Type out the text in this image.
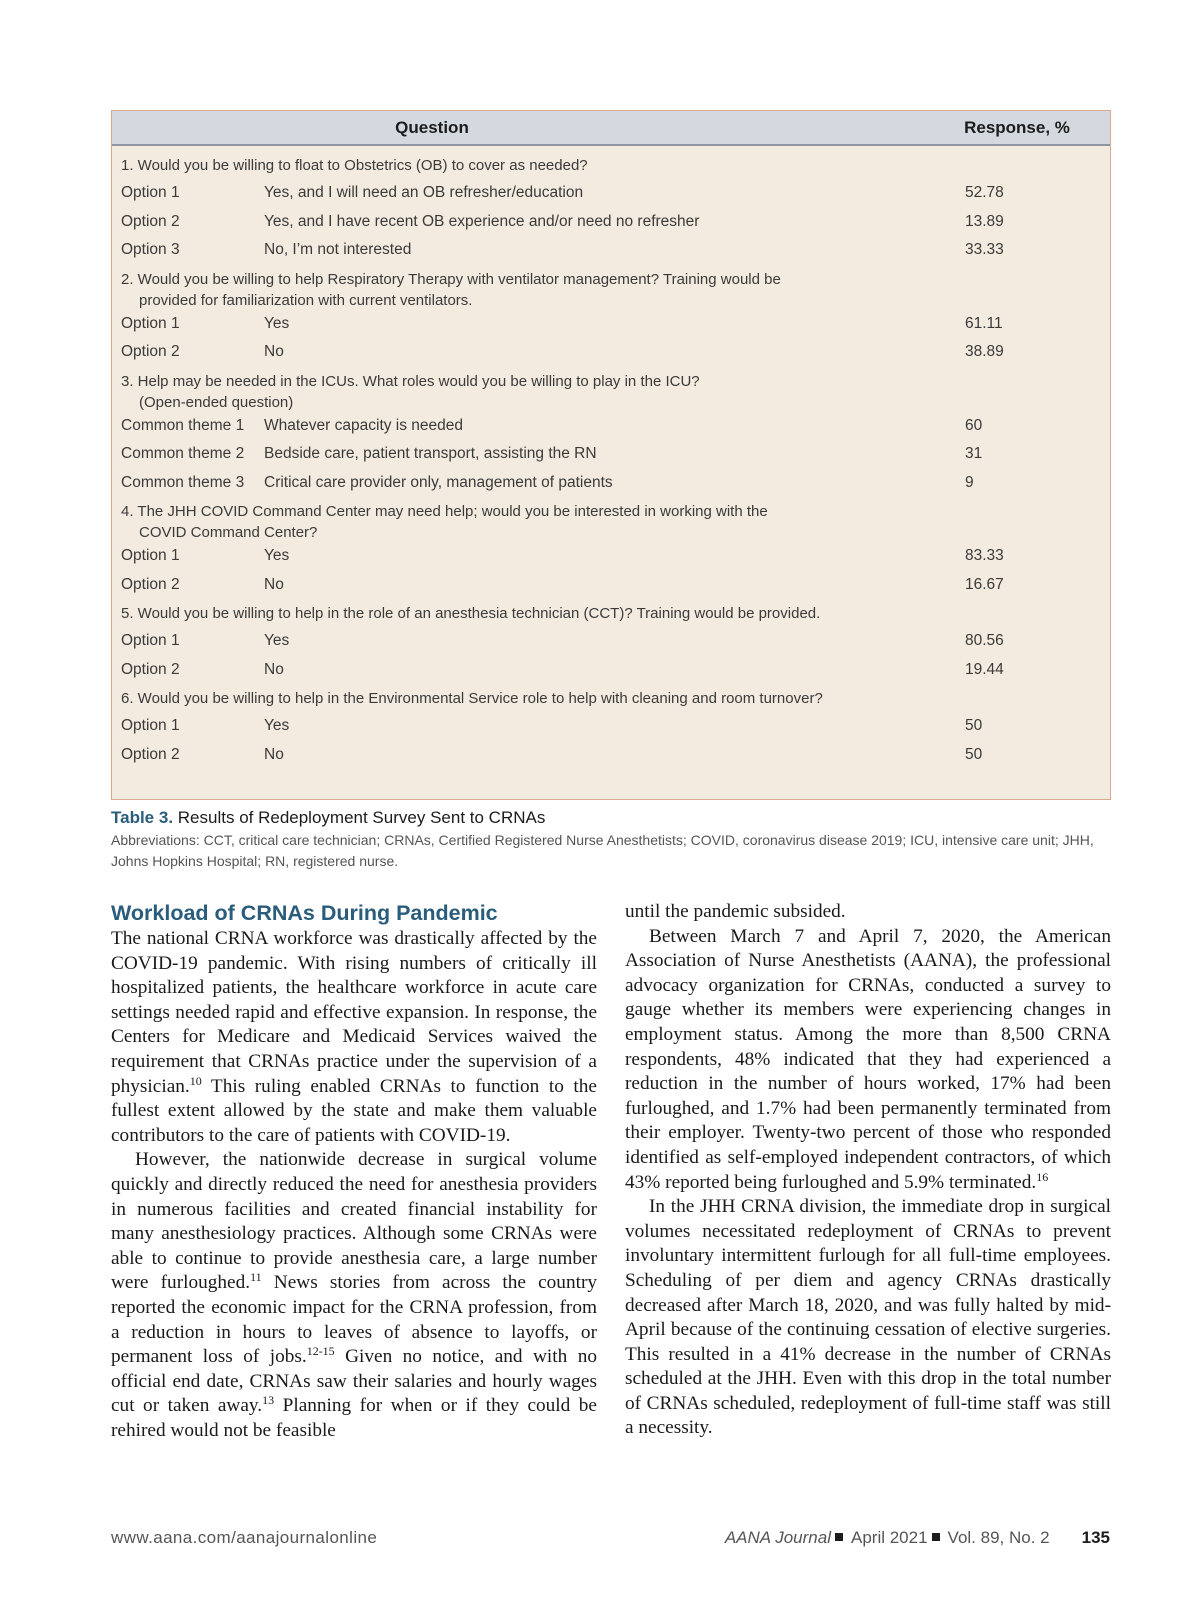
Question	Response, %
1. Would you be willing to float to Obstetrics (OB) to cover as needed?
Option 1	Yes, and I will need an OB refresher/education	52.78
Option 2	Yes, and I have recent OB experience and/or need no refresher	13.89
Option 3	No, I’m not interested	33.33
2. Would you be willing to help Respiratory Therapy with ventilator management? Training would be
provided for familiarization with current ventilators.
Option 1	Yes	61.11
Option 2	No	38.89
3. Help may be needed in the ICUs. What roles would you be willing to play in the ICU?
(Open-ended question)
Common theme 1 Whatever capacity is needed	60
Common theme 2 Bedside care, patient transport, assisting the RN	31
Common theme 3 Critical care provider only, management of patients	9
4. The JHH COVID Command Center may need help; would you be interested in working with the
COVID Command Center?
Option 1	Yes	83.33
Option 2	No	16.67
5. Would you be willing to help in the role of an anesthesia technician (CCT)? Training would be provided.
Option 1	Yes	80.56
Option 2	No	19.44
6. Would you be willing to help in the Environmental Service role to help with cleaning and room turnover?
Option 1	Yes	50
Option 2	No	50
Table 3. Results of Redeployment Survey Sent to CRNAs
Abbreviations: CCT, critical care technician; CRNAs, Certified Registered Nurse Anesthetists; COVID, coronavirus disease 2019; ICU, intensive care unit; JHH, Johns Hopkins Hospital; RN, registered nurse.
Workload of CRNAs During Pandemic

The national CRNA workforce was drastically affected by the COVID-19 pandemic. With rising numbers of critically ill hospitalized patients, the healthcare workforce in acute care settings needed rapid and effective expansion. In response, the Centers for Medicare and Medicaid Services waived the requirement that CRNAs practice under the supervision of a physician.$^{10}$ This ruling enabled CRNAs to function to the fullest extent allowed by the state and make them valuable contributors to the care of patients with COVID-19.

However, the nationwide decrease in surgical volume quickly and directly reduced the need for anesthesia providers in numerous facilities and created financial instability for many anesthesiology practices. Although some CRNAs were able to continue to provide anesthesia care, a large number were furloughed.$^{11}$ News stories from across the country reported the economic impact for the CRNA profession, from a reduction in hours to leaves of absence to layoffs, or permanent loss of jobs.$^{12-15}$ Given no notice, and with no official end date, CRNAs saw their salaries and hourly wages cut or taken away.$^{13}$ Planning for when or if they could be rehired would not be feasible

until the pandemic subsided.

Between March 7 and April 7, 2020, the American Association of Nurse Anesthetists (AANA), the professional advocacy organization for CRNAs, conducted a survey to gauge whether its members were experiencing changes in employment status. Among the more than 8,500 CRNA respondents, 48% indicated that they had experienced a reduction in the number of hours worked, 17% had been furloughed, and 1.7% had been permanently terminated from their employer. Twenty-two percent of those who responded identified as self-employed independent contractors, of which 43% reported being furloughed and 5.9% terminated.$^{16}$

In the JHH CRNA division, the immediate drop in surgical volumes necessitated redeployment of CRNAs to prevent involuntary intermittent furlough for all full-time employees. Scheduling of per diem and agency CRNAs drastically decreased after March 18, 2020, and was fully halted by mid-April because of the continuing cessation of elective surgeries. This resulted in a 41% decrease in the number of CRNAs scheduled at the JHH. Even with this drop in the total number of CRNAs scheduled, redeployment of full-time staff was still a necessity.

www.aana.com/aanajournalonline	AANA Journal April 2021 Vol. 89, No. 2 135
